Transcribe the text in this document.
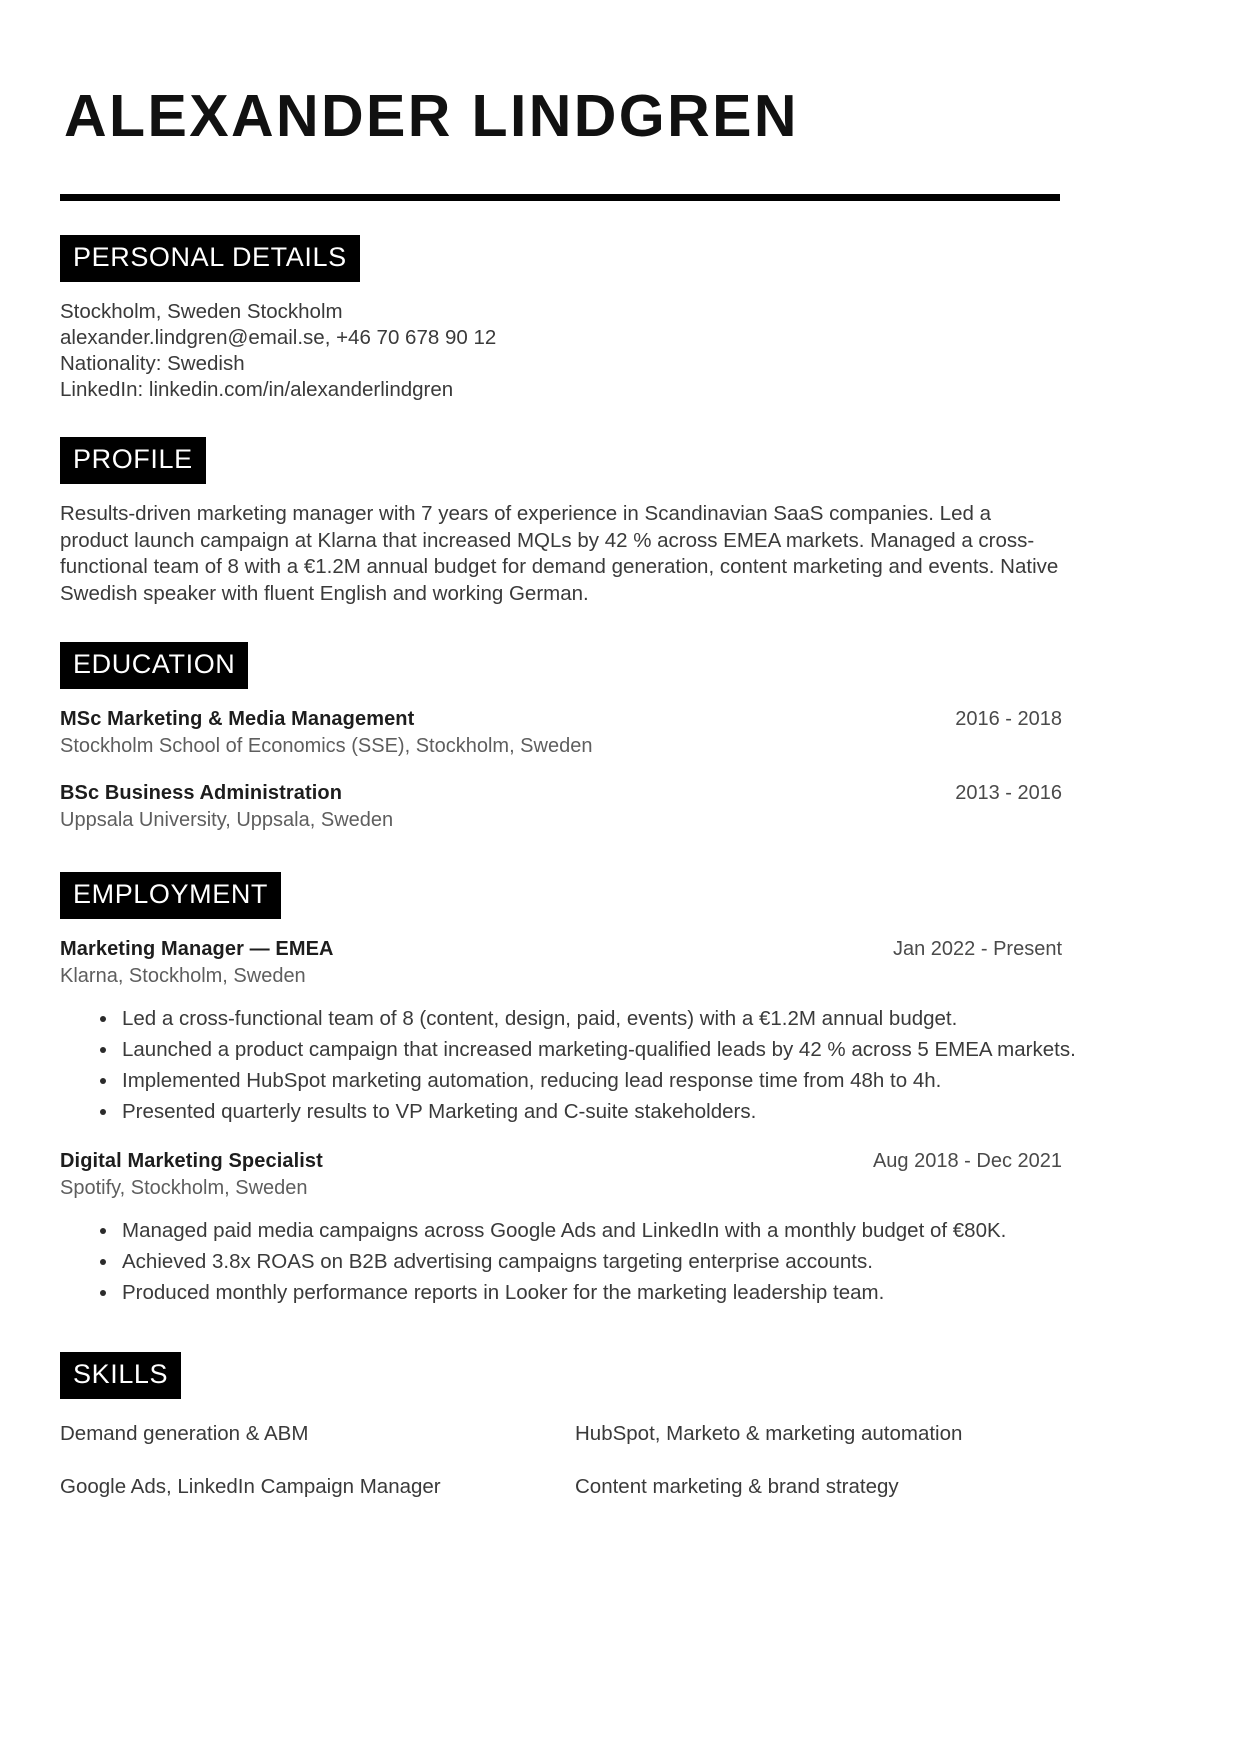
ALEXANDER LINDGREN
PERSONAL DETAILS
Stockholm, Sweden Stockholm
alexander.lindgren@email.se, +46 70 678 90 12
Nationality: Swedish
LinkedIn: linkedin.com/in/alexanderlindgren
PROFILE

Results-driven marketing manager with 7 years of experience in Scandinavian SaaS companies. Led a product launch campaign at Klarna that increased MQLs by 42 % across EMEA markets. Managed a cross-functional team of 8 with a €1.2M annual budget for demand generation, content marketing and events. Native Swedish speaker with fluent English and working German.

EDUCATION
MSc Marketing & Media Management	2016 - 2018
Stockholm School of Economics (SSE), Stockholm, Sweden
BSc Business Administration	2013 - 2016
Uppsala University, Uppsala, Sweden
EMPLOYMENT
Marketing Manager — EMEA	Jan 2022 - Present
Klarna, Stockholm, Sweden
Led a cross-functional team of 8 (content, design, paid, events) with a €1.2M annual budget.
Launched a product campaign that increased marketing-qualified leads by 42 % across 5 EMEA markets.
Implemented HubSpot marketing automation, reducing lead response time from 48h to 4h.
Presented quarterly results to VP Marketing and C-suite stakeholders.
Digital Marketing Specialist	Aug 2018 - Dec 2021
Spotify, Stockholm, Sweden
Managed paid media campaigns across Google Ads and LinkedIn with a monthly budget of €80K.
Achieved 3.8x ROAS on B2B advertising campaigns targeting enterprise accounts.
Produced monthly performance reports in Looker for the marketing leadership team.
SKILLS
Demand generation & ABM	HubSpot, Marketo & marketing automation
Google Ads, LinkedIn Campaign Manager	Content marketing & brand strategy
